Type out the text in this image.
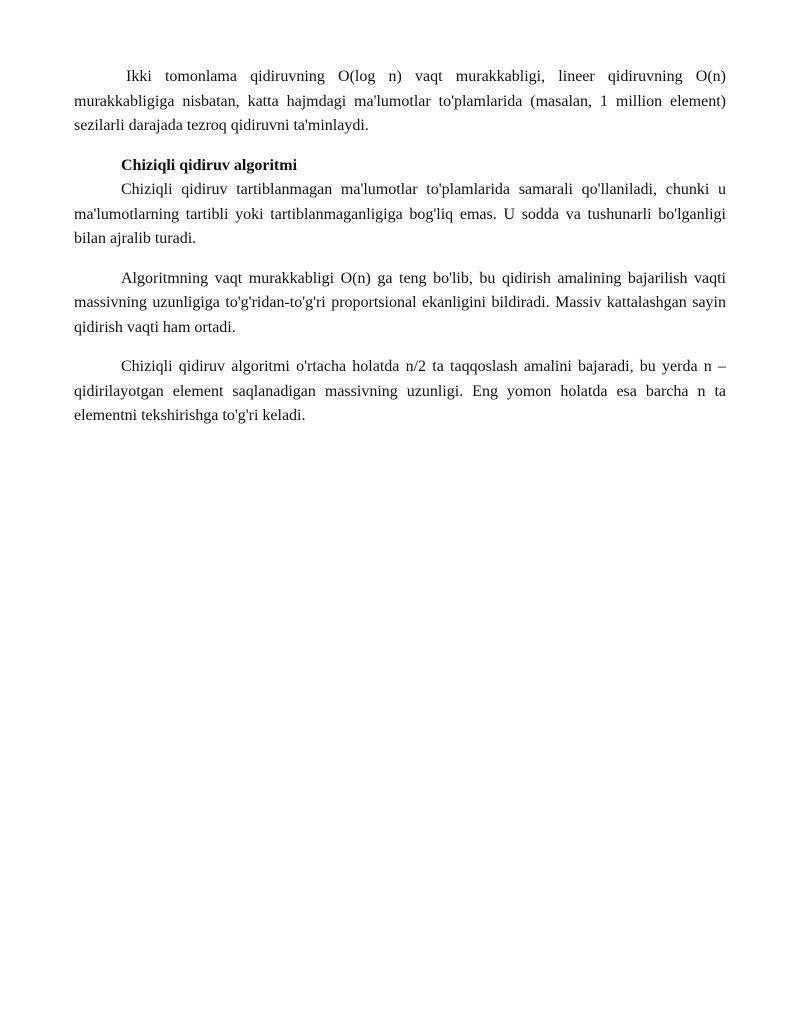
Ikki tomonlama qidiruvning O(log n) vaqt murakkabligi, lineer qidiruvning O(n) murakkabligiga nisbatan, katta hajmdagi ma'lumotlar to'plamlarida (masalan, 1 million element) sezilarli darajada tezroq qidiruvni ta'minlaydi.

Chiziqli qidiruv algoritmi

Chiziqli qidiruv tartiblanmagan ma'lumotlar to'plamlarida samarali qo'llaniladi, chunki u ma'lumotlarning tartibli yoki tartiblanmaganligiga bog'liq emas. U sodda va tushunarli bo'lganligi bilan ajralib turadi.

Algoritmning vaqt murakkabligi O(n) ga teng bo'lib, bu qidirish amalining bajarilish vaqti massivning uzunligiga to'g'ridan-to'g'ri proportsional ekanligini bildiradi. Massiv kattalashgan sayin qidirish vaqti ham ortadi.

Chiziqli qidiruv algoritmi o'rtacha holatda n/2 ta taqqoslash amalini bajaradi, bu yerda n – qidirilayotgan element saqlanadigan massivning uzunligi. Eng yomon holatda esa barcha n ta elementni tekshirishga to'g'ri keladi.
